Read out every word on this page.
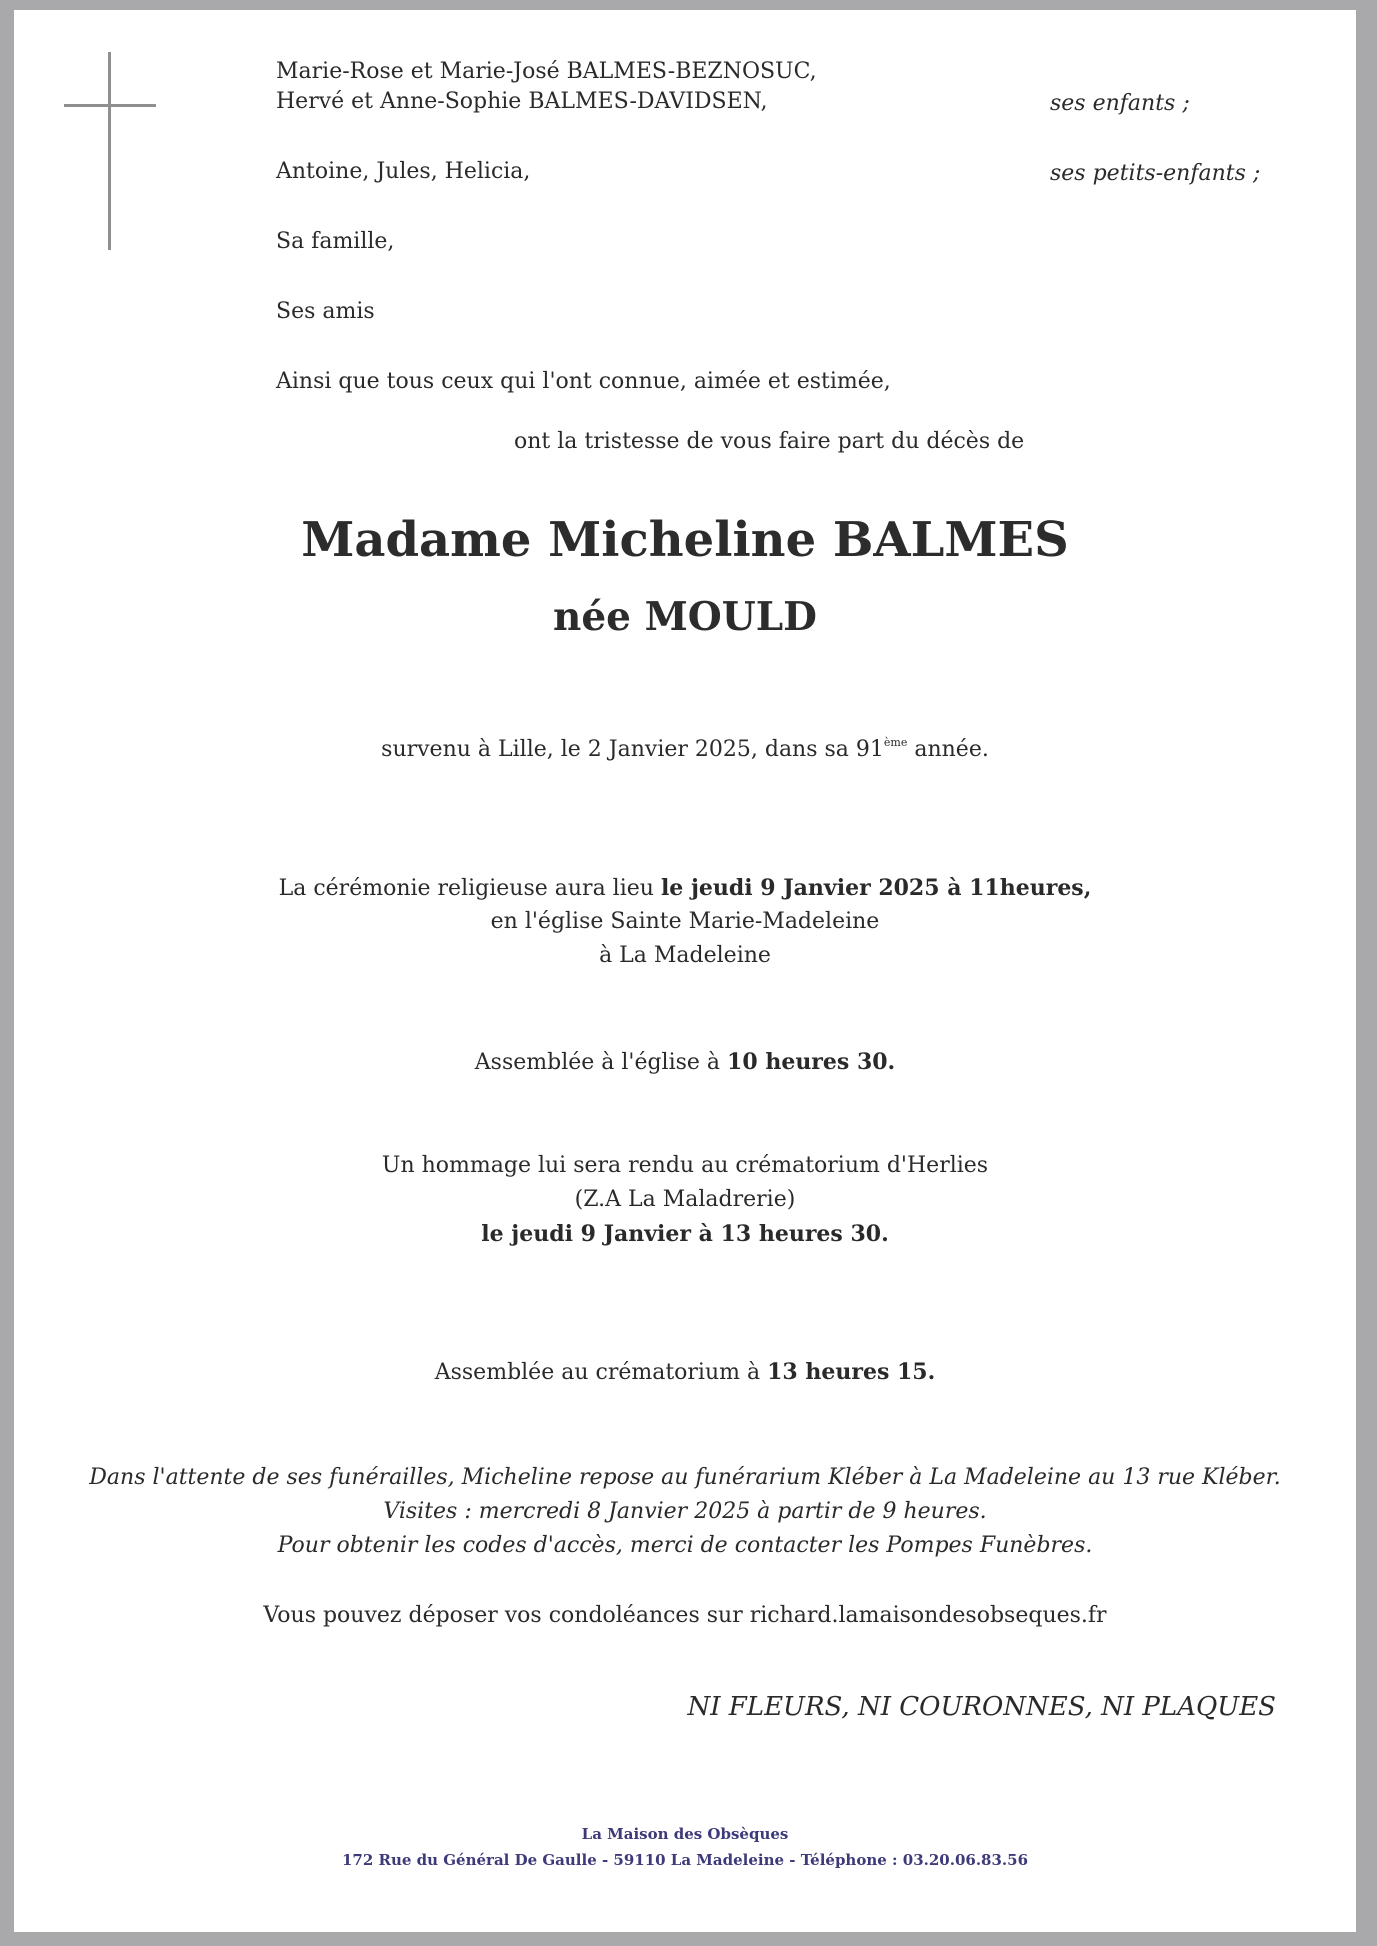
Marie-Rose et Marie-José BALMES-BEZNOSUC,
Hervé et Anne-Sophie BALMES-DAVIDSEN,	ses enfants ;
Antoine, Jules, Helicia,	ses petits-enfants ;
Sa famille,
Ses amis
Ainsi que tous ceux qui l'ont connue, aimée et estimée,
ont la tristesse de vous faire part du décès de
Madame Micheline BALMES
née MOULD
survenu à Lille, le 2 Janvier 2025, dans sa 91ème année.
La cérémonie religieuse aura lieu le jeudi 9 Janvier 2025 à 11heures,
en l'église Sainte Marie-Madeleine
à La Madeleine
Assemblée à l'église à 10 heures 30.
Un hommage lui sera rendu au crématorium d'Herlies
(Z.A La Maladrerie)
le jeudi 9 Janvier à 13 heures 30.
Assemblée au crématorium à 13 heures 15.
Dans l'attente de ses funérailles, Micheline repose au funérarium Kléber à La Madeleine au 13 rue Kléber.
Visites : mercredi 8 Janvier 2025 à partir de 9 heures.
Pour obtenir les codes d'accès, merci de contacter les Pompes Funèbres.
Vous pouvez déposer vos condoléances sur richard.lamaisondesobseques.fr
NI FLEURS, NI COURONNES, NI PLAQUES
La Maison des Obsèques
172 Rue du Général De Gaulle - 59110 La Madeleine - Téléphone : 03.20.06.83.56
